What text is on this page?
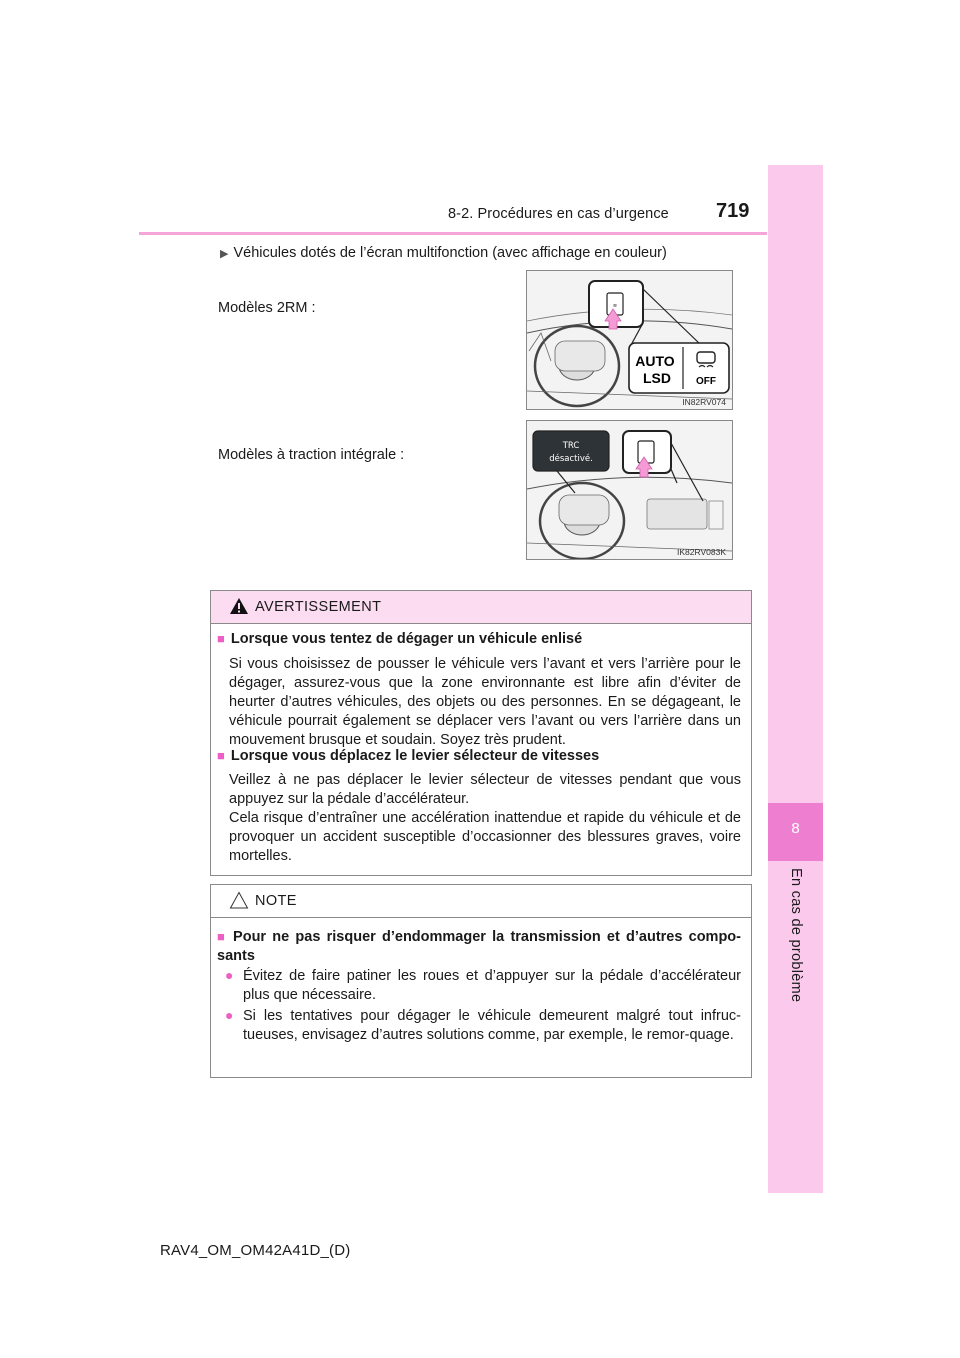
8
En cas de problème
8-2. Procédures en cas d’urgence 719
▶ Véhicules dotés de l’écran multifonction (avec affichage en couleur)
Modèles 2RM :
Modèles à traction intégrale :
≋
AUTO
LSD	OFF
IN82RV074
TRC
désactivé.
IK82RV083K
AVERTISSEMENT
■ Lorsque vous tentez de dégager un véhicule enlisé
Si vous choisissez de pousser le véhicule vers l’avant et vers l’arrière pour le dégager, assurez-vous que la zone environnante est libre afin d’éviter de heurter d’autres véhicules, des objets ou des personnes. En se dégageant, le véhicule pourrait également se déplacer vers l’avant ou vers l’arrière dans un mouvement brusque et soudain. Soyez très prudent.
■ Lorsque vous déplacez le levier sélecteur de vitesses
Veillez à ne pas déplacer le levier sélecteur de vitesses pendant que vous appuyez sur la pédale d’accélérateur.
Cela risque d’entraîner une accélération inattendue et rapide du véhicule et de provoquer un accident susceptible d’occasionner des blessures graves, voire mortelles.
NOTE
■ Pour ne pas risquer d’endommager la transmission et d’autres compo-sants
● Évitez de faire patiner les roues et d’appuyer sur la pédale d’accélérateur plus que nécessaire.
● Si les tentatives pour dégager le véhicule demeurent malgré tout infruc-tueuses, envisagez d’autres solutions comme, par exemple, le remor-quage.
RAV4_OM_OM42A41D_(D)
